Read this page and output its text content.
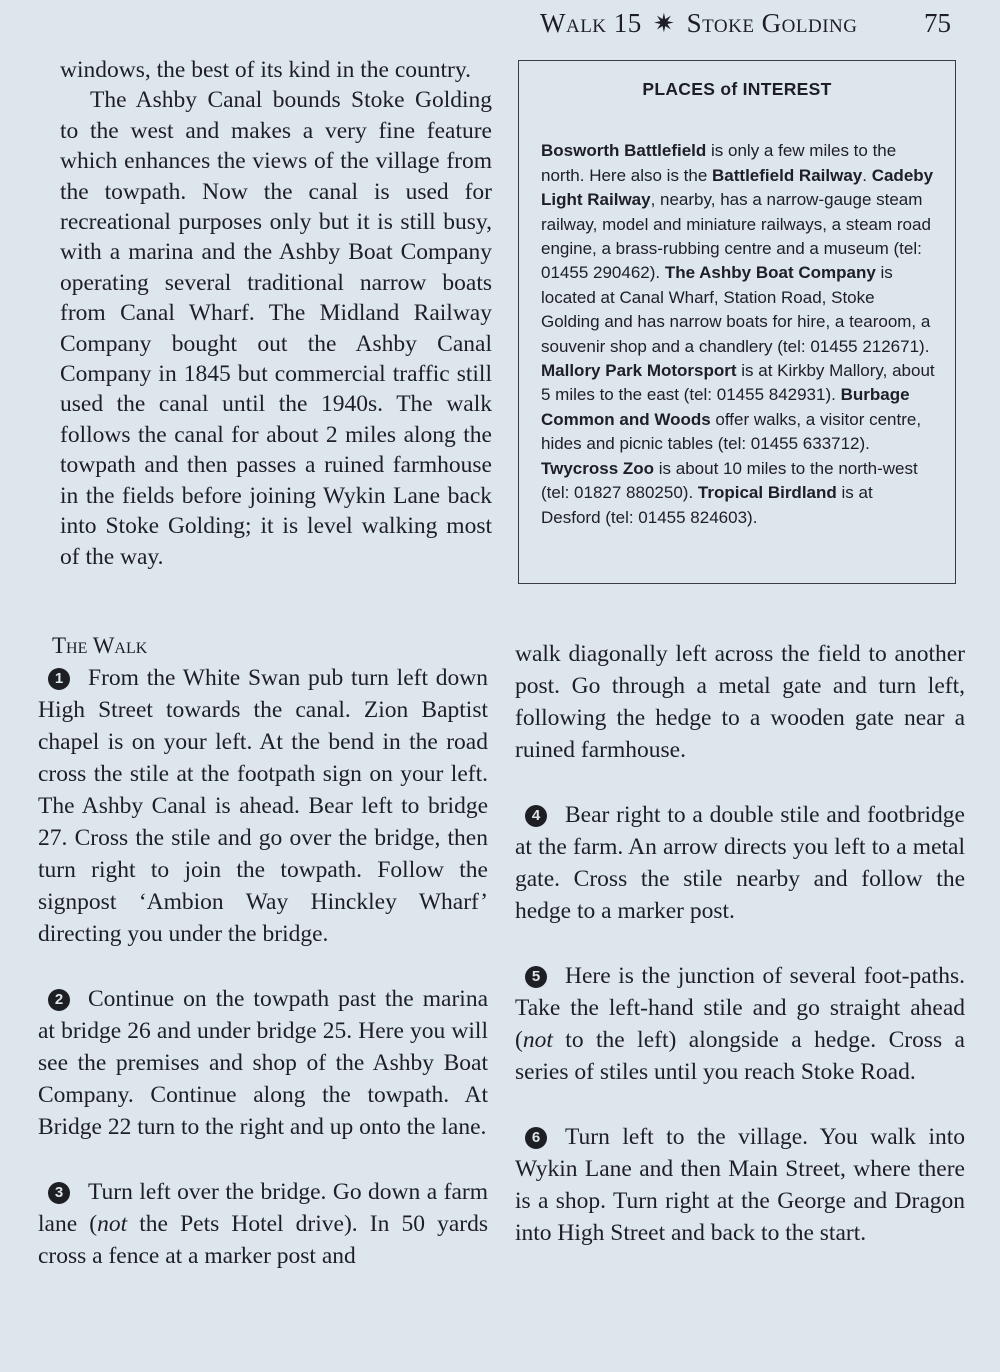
Walk 15 ✷ Stoke Golding 75

windows, the best of its kind in the country.

The Ashby Canal bounds Stoke Golding to the west and makes a very fine feature which enhances the views of the village from the towpath. Now the canal is used for recreational purposes only but it is still busy, with a marina and the Ashby Boat Company operating several traditional narrow boats from Canal Wharf. The Midland Railway Company bought out the Ashby Canal Company in 1845 but commercial traffic still used the canal until the 1940s. The walk follows the canal for about 2 miles along the towpath and then passes a ruined farmhouse in the fields before joining Wykin Lane back into Stoke Golding; it is level walking most of the way.

PLACES of INTEREST
Bosworth Battlefield is only a few miles to the north. Here also is the Battlefield Railway. Cadeby Light Railway, nearby, has a narrow-gauge steam railway, model and miniature railways, a steam road engine, a brass-rubbing centre and a museum (tel: 01455 290462). The Ashby Boat Company is located at Canal Wharf, Station Road, Stoke Golding and has narrow boats for hire, a tearoom, a souvenir shop and a chandlery (tel: 01455 212671). Mallory Park Motorsport is at Kirkby Mallory, about 5 miles to the east (tel: 01455 842931). Burbage Common and Woods offer walks, a visitor centre, hides and picnic tables (tel: 01455 633712). Twycross Zoo is about 10 miles to the north-west (tel: 01827 880250). Tropical Birdland is at Desford (tel: 01455 824603).

The Walk

1 From the White Swan pub turn left down High Street towards the canal. Zion Baptist chapel is on your left. At the bend in the road cross the stile at the footpath sign on your left. The Ashby Canal is ahead. Bear left to bridge 27. Cross the stile and go over the bridge, then turn right to join the towpath. Follow the signpost ‘Ambion Way Hinckley Wharf’ directing you under the bridge.

2 Continue on the towpath past the marina at bridge 26 and under bridge 25. Here you will see the premises and shop of the Ashby Boat Company. Continue along the towpath. At Bridge 22 turn to the right and up onto the lane.

3 Turn left over the bridge. Go down a farm lane (not the Pets Hotel drive). In 50 yards cross a fence at a marker post and

walk diagonally left across the field to another post. Go through a metal gate and turn left, following the hedge to a wooden gate near a ruined farmhouse.

4 Bear right to a double stile and footbridge at the farm. An arrow directs you left to a metal gate. Cross the stile nearby and follow the hedge to a marker post.

5 Here is the junction of several foot-paths. Take the left-hand stile and go straight ahead (not to the left) alongside a hedge. Cross a series of stiles until you reach Stoke Road.

6 Turn left to the village. You walk into Wykin Lane and then Main Street, where there is a shop. Turn right at the George and Dragon into High Street and back to the start.
